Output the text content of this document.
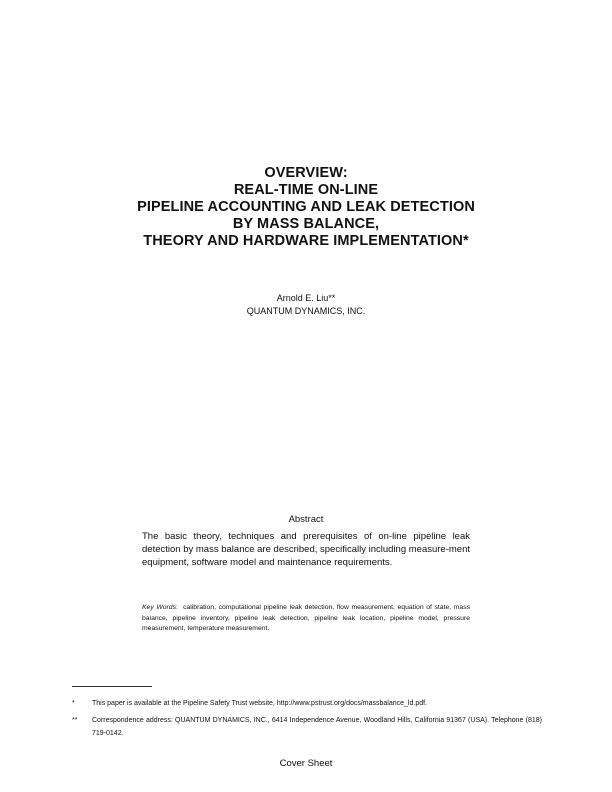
OVERVIEW:
REAL-TIME ON-LINE
PIPELINE ACCOUNTING AND LEAK DETECTION
BY MASS BALANCE,
THEORY AND HARDWARE IMPLEMENTATION*
Arnold E. Liu**
QUANTUM DYNAMICS, INC.
Abstract
The basic theory, techniques and prerequisites of on-line pipeline leak detection by mass balance are described, specifically including measure-ment equipment, software model and maintenance requirements.
Key Words: calibration, computational pipeline leak detection, flow measurement, equation of state, mass balance, pipeline inventory, pipeline leak detection, pipeline leak location, pipeline model, pressure measurement, temperature measurement.
* This paper is available at the Pipeline Safety Trust website, http://www.pstrust.org/docs/massbalance_ld.pdf.
** Correspondence address: QUANTUM DYNAMICS, INC., 6414 Independence Avenue, Woodland Hills, California 91367 (USA). Telephone (818) 719-0142.
Cover Sheet
